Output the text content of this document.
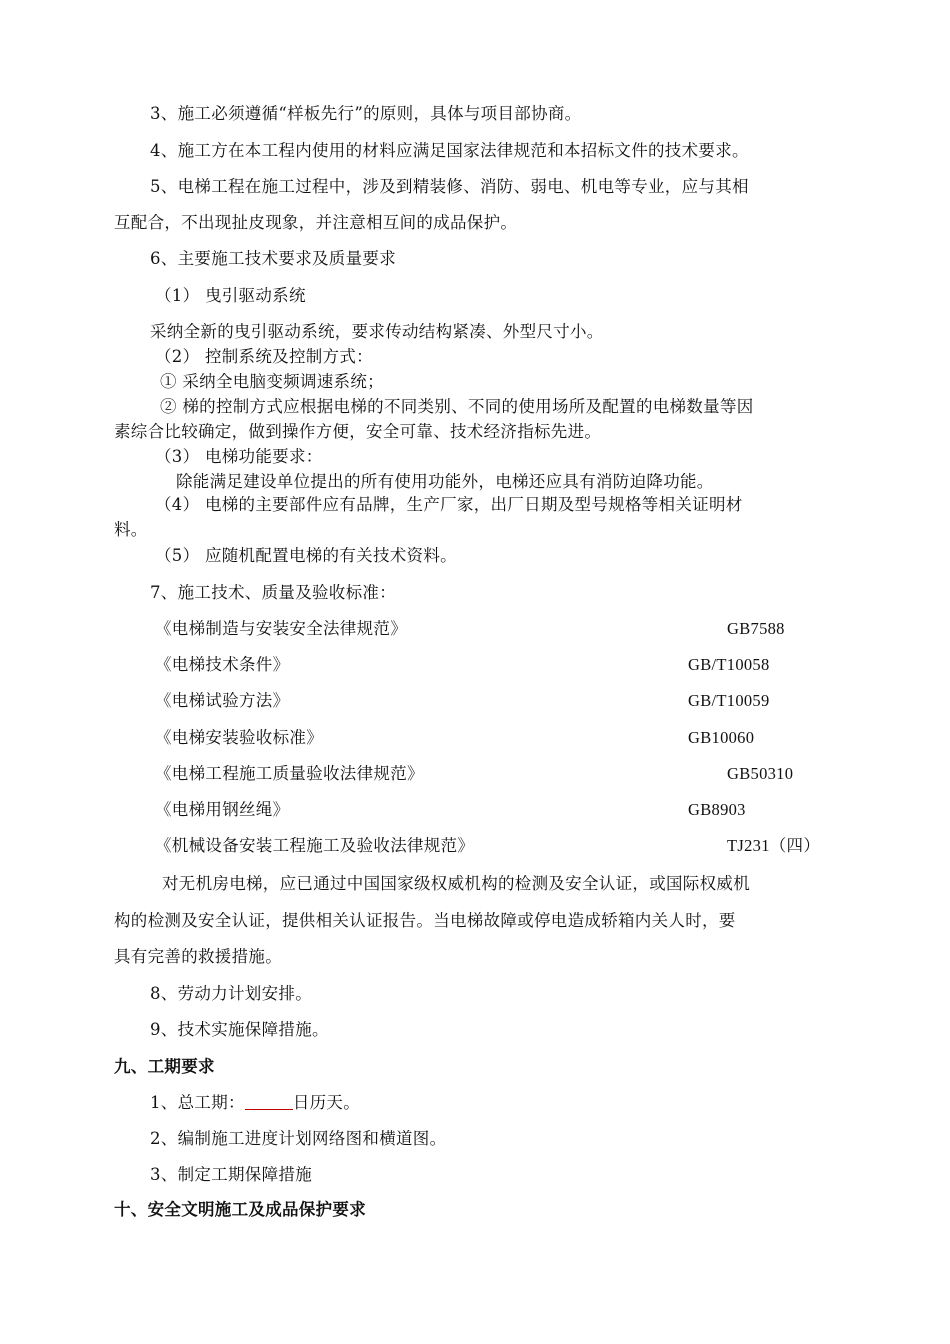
3、施工必须遵循“样板先行”的原则，具体与项目部协商。
4、施工方在本工程内使用的材料应满足国家法律规范和本招标文件的技术要求。
5、电梯工程在施工过程中，涉及到精装修、消防、弱电、机电等专业，应与其相
互配合，不出现扯皮现象，并注意相互间的成品保护。
6、主要施工技术要求及质量要求
（1） 曳引驱动系统
采纳全新的曳引驱动系统，要求传动结构紧凑、外型尺寸小。
（2） 控制系统及控制方式：
① 采纳全电脑变频调速系统；
② 梯的控制方式应根据电梯的不同类别、不同的使用场所及配置的电梯数量等因
素综合比较确定，做到操作方便，安全可靠、技术经济指标先进。
（3） 电梯功能要求：
除能满足建设单位提出的所有使用功能外，电梯还应具有消防迫降功能。
（4） 电梯的主要部件应有品牌，生产厂家，出厂日期及型号规格等相关证明材
料。
（5） 应随机配置电梯的有关技术资料。
7、施工技术、质量及验收标准：
《电梯制造与安装安全法律规范》	GB7588
《电梯技术条件》	GB/T10058
《电梯试验方法》	GB/T10059
《电梯安装验收标准》	GB10060
《电梯工程施工质量验收法律规范》	GB50310
《电梯用钢丝绳》	GB8903
《机械设备安装工程施工及验收法律规范》	TJ231（四）
对无机房电梯，应已通过中国国家级权威机构的检测及安全认证，或国际权威机
构的检测及安全认证，提供相关认证报告。当电梯故障或停电造成轿箱内关人时，要
具有完善的救援措施。
8、劳动力计划安排。
9、技术实施保障措施。
九、工期要求
1、总工期：	日历天。
2、编制施工进度计划网络图和横道图。
3、制定工期保障措施
十、安全文明施工及成品保护要求
